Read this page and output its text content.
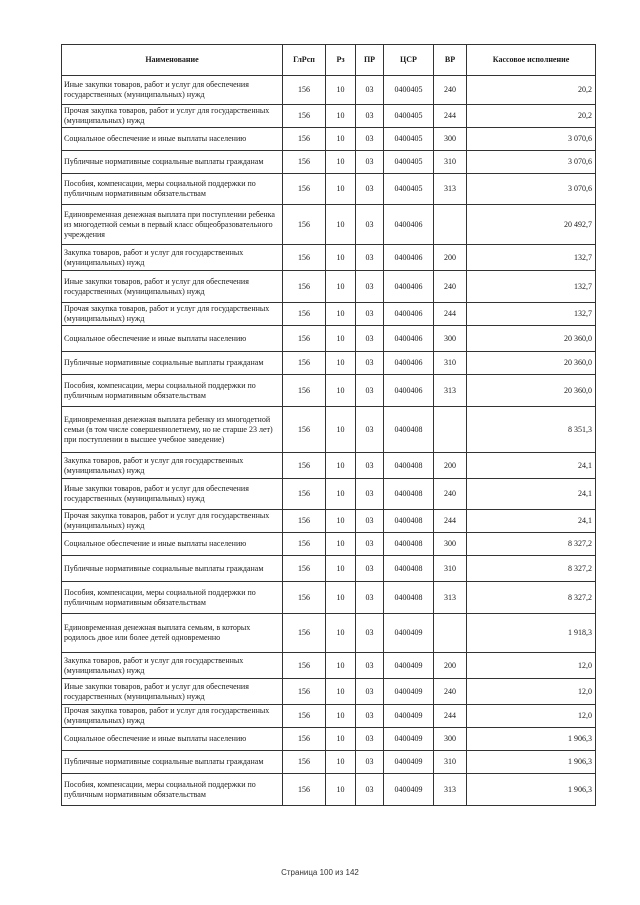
Наименование	ГлРсп	Рз	ПР	ЦСР	ВР	Кассовое исполнение
Иные закупки товаров, работ и услуг для обеспечения государственных (муниципальных) нужд	156	10	03	0400405	240	20,2
Прочая закупка товаров, работ и услуг для государственных (муниципальных) нужд	156	10	03	0400405	244	20,2
Социальное обеспечение и иные выплаты населению	156	10	03	0400405	300	3 070,6
Публичные нормативные социальные выплаты гражданам	156	10	03	0400405	310	3 070,6
Пособия, компенсации, меры социальной поддержки по публичным нормативным обязательствам	156	10	03	0400405	313	3 070,6
Единовременная денежная выплата при поступлении ребенка из многодетной семьи в первый класс общеобразовательного учреждения	156	10	03	0400406		20 492,7
Закупка товаров, работ и услуг для государственных (муниципальных) нужд	156	10	03	0400406	200	132,7
Иные закупки товаров, работ и услуг для обеспечения государственных (муниципальных) нужд	156	10	03	0400406	240	132,7
Прочая закупка товаров, работ и услуг для государственных (муниципальных) нужд	156	10	03	0400406	244	132,7
Социальное обеспечение и иные выплаты населению	156	10	03	0400406	300	20 360,0
Публичные нормативные социальные выплаты гражданам	156	10	03	0400406	310	20 360,0
Пособия, компенсации, меры социальной поддержки по публичным нормативным обязательствам	156	10	03	0400406	313	20 360,0
Единовременная денежная выплата ребенку из многодетной семьи (в том числе совершеннолетнему, но не старше 23 лет) при поступлении в высшее учебное заведение)	156	10	03	0400408		8 351,3
Закупка товаров, работ и услуг для государственных (муниципальных) нужд	156	10	03	0400408	200	24,1
Иные закупки товаров, работ и услуг для обеспечения государственных (муниципальных) нужд	156	10	03	0400408	240	24,1
Прочая закупка товаров, работ и услуг для государственных (муниципальных) нужд	156	10	03	0400408	244	24,1
Социальное обеспечение и иные выплаты населению	156	10	03	0400408	300	8 327,2
Публичные нормативные социальные выплаты гражданам	156	10	03	0400408	310	8 327,2
Пособия, компенсации, меры социальной поддержки по публичным нормативным обязательствам	156	10	03	0400408	313	8 327,2
Единовременная денежная выплата семьям, в которых родилось двое или более детей одновременно	156	10	03	0400409		1 918,3
Закупка товаров, работ и услуг для государственных (муниципальных) нужд	156	10	03	0400409	200	12,0
Иные закупки товаров, работ и услуг для обеспечения государственных (муниципальных) нужд	156	10	03	0400409	240	12,0
Прочая закупка товаров, работ и услуг для государственных (муниципальных) нужд	156	10	03	0400409	244	12,0
Социальное обеспечение и иные выплаты населению	156	10	03	0400409	300	1 906,3
Публичные нормативные социальные выплаты гражданам	156	10	03	0400409	310	1 906,3
Пособия, компенсации, меры социальной поддержки по публичным нормативным обязательствам	156	10	03	0400409	313	1 906,3
Страница 100 из 142
